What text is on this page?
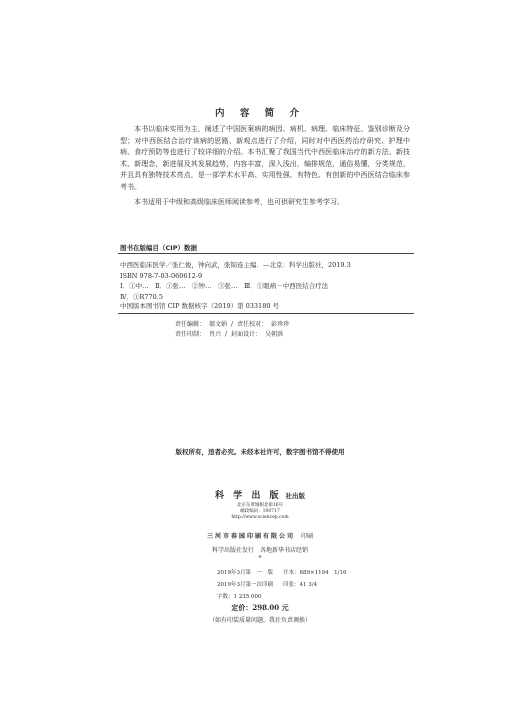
内 容 简 介

本书以临床实用为主，阐述了中国医案病的病因、病机、病理、临床特征、鉴别诊断及分型；对中西医结合治疗该病的思路、新观点进行了介绍，同时对中西医药治疗研究、护理中病、食疗预防等也进行了较详细的介绍。本书汇聚了我国当代中西医临床治疗的新方法、新技术、新理念，新进展及其发展趋势，内容丰富，深入浅出，编排规范，通俗易懂，分类规范，并且具有独特技术亮点，是一部学术水平高、实用性强、有特色、有创新的中西医结合临床参考书。

本书适用于中级和高级临床医师阅读参考，也可供研究生参考学习。

图书在版编目（CIP）数据
中西医临床医学／张仁俊，钟向武，张锦连主编．—北京：科学出版社，2019.3
ISBN 978-7-03-060612-9
Ⅰ．①中…　Ⅱ．①张…　②钟…　③张…　Ⅲ．①眼病－中西医结合疗法
Ⅳ．①R770.5
中国版本图书馆 CIP 数据核字（2019）第 033180 号
责任编辑： 郝文娟 / 责任校对： 彭珍珍
责任印制： 肖兴 / 封面设计： 吴朝洪
版权所有，违者必究。未经本社许可，数字图书馆不得使用
科 学 出 版 社出版
北京东黄城根北街16号
邮政编码：100717
http://www.sciencep.com
三河市春园印刷有限公司 印刷
科学出版社发行　各地新华书店经销
*
2019年3月第　一　版 开本：889×1194　1/16
2019年3月第一次印刷 印张：41 3/4
字数：1 235 000
定价：298.00 元
（如有印装质量问题，我社负责调换）
